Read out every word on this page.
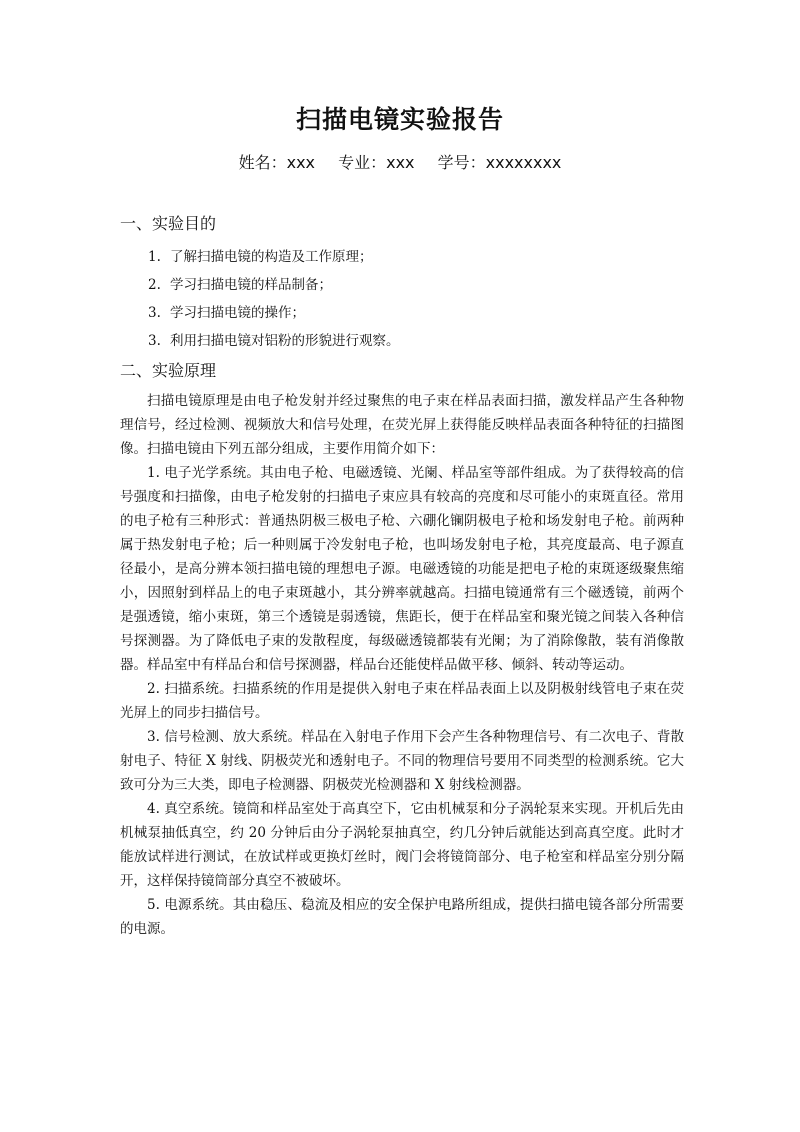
扫描电镜实验报告
姓名：xxx 专业：xxx 学号：xxxxxxxx
一、实验目的
1. 了解扫描电镜的构造及工作原理；
2. 学习扫描电镜的样品制备；
3. 学习扫描电镜的操作；
3. 利用扫描电镜对铝粉的形貌进行观察。
二、实验原理

扫描电镜原理是由电子枪发射并经过聚焦的电子束在样品表面扫描，激发样品产生各种物理信号，经过检测、视频放大和信号处理，在荧光屏上获得能反映样品表面各种特征的扫描图像。扫描电镜由下列五部分组成，主要作用简介如下：

1. 电子光学系统。其由电子枪、电磁透镜、光阑、样品室等部件组成。为了获得较高的信号强度和扫描像，由电子枪发射的扫描电子束应具有较高的亮度和尽可能小的束斑直径。常用的电子枪有三种形式：普通热阴极三极电子枪、六硼化镧阴极电子枪和场发射电子枪。前两种属于热发射电子枪；后一种则属于冷发射电子枪，也叫场发射电子枪，其亮度最高、电子源直径最小，是高分辨本领扫描电镜的理想电子源。电磁透镜的功能是把电子枪的束斑逐级聚焦缩小，因照射到样品上的电子束斑越小，其分辨率就越高。扫描电镜通常有三个磁透镜，前两个是强透镜，缩小束斑，第三个透镜是弱透镜，焦距长，便于在样品室和聚光镜之间装入各种信号探测器。为了降低电子束的发散程度，每级磁透镜都装有光阑；为了消除像散，装有消像散器。样品室中有样品台和信号探测器，样品台还能使样品做平移、倾斜、转动等运动。

2. 扫描系统。扫描系统的作用是提供入射电子束在样品表面上以及阴极射线管电子束在荧光屏上的同步扫描信号。

3. 信号检测、放大系统。样品在入射电子作用下会产生各种物理信号、有二次电子、背散射电子、特征 X 射线、阴极荧光和透射电子。不同的物理信号要用不同类型的检测系统。它大致可分为三大类，即电子检测器、阴极荧光检测器和 X 射线检测器。

4. 真空系统。镜筒和样品室处于高真空下，它由机械泵和分子涡轮泵来实现。开机后先由机械泵抽低真空，约 20 分钟后由分子涡轮泵抽真空，约几分钟后就能达到高真空度。此时才能放试样进行测试，在放试样或更换灯丝时，阀门会将镜筒部分、电子枪室和样品室分别分隔开，这样保持镜筒部分真空不被破坏。

5. 电源系统。其由稳压、稳流及相应的安全保护电路所组成，提供扫描电镜各部分所需要的电源。
